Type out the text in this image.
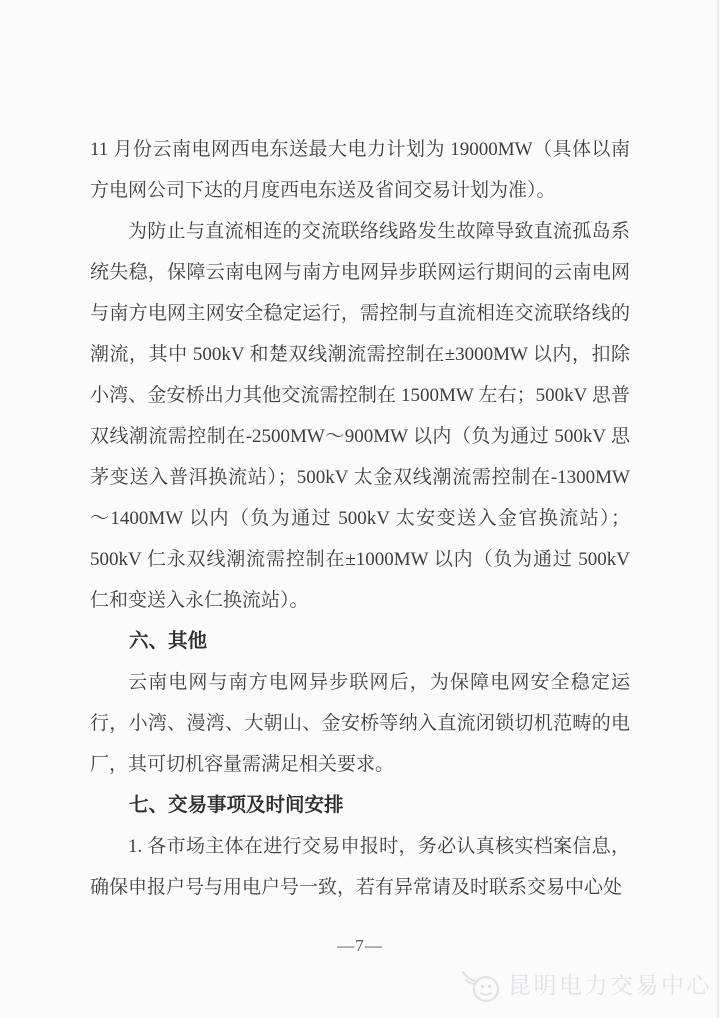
11 月份云南电网西电东送最大电力计划为 19000MW（具体以南方电网公司下达的月度西电东送及省间交易计划为准）。

为防止与直流相连的交流联络线路发生故障导致直流孤岛系统失稳，保障云南电网与南方电网异步联网运行期间的云南电网与南方电网主网安全稳定运行，需控制与直流相连交流联络线的潮流，其中 500kV 和楚双线潮流需控制在±3000MW 以内，扣除小湾、金安桥出力其他交流需控制在 1500MW 左右；500kV 思普双线潮流需控制在-2500MW～900MW 以内（负为通过 500kV 思茅变送入普洱换流站）；500kV 太金双线潮流需控制在-1300MW～1400MW 以内（负为通过 500kV 太安变送入金官换流站）；500kV 仁永双线潮流需控制在±1000MW 以内（负为通过 500kV 仁和变送入永仁换流站）。

六、其他

云南电网与南方电网异步联网后，为保障电网安全稳定运行，小湾、漫湾、大朝山、金安桥等纳入直流闭锁切机范畴的电厂，其可切机容量需满足相关要求。

七、交易事项及时间安排

1. 各市场主体在进行交易申报时，务必认真核实档案信息，确保申报户号与用电户号一致，若有异常请及时联系交易中心处

—7—
昆明电力交易中心
